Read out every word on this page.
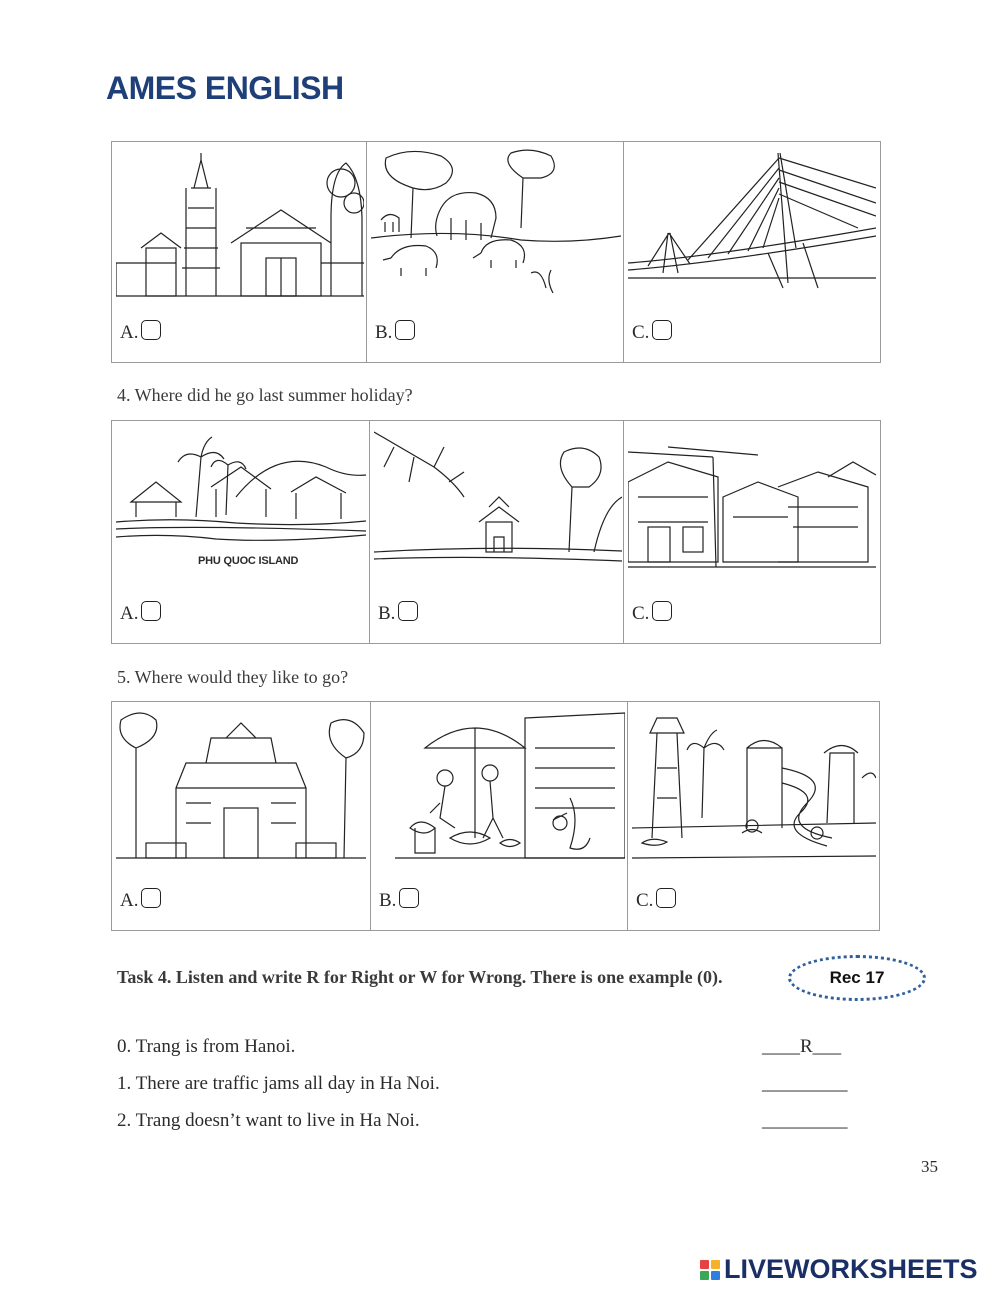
AMES ENGLISH
A.	B.	C.
4. Where did he go last summer holiday?
PHU QUOC ISLAND
A.	B.	C.
5. Where would they like to go?
A.	B.	C.
Task 4. Listen and write R for Right or W for Wrong. There is one example (0).	Rec 17
0. Trang is from Hanoi.	____R___
1. There are traffic jams all day in Ha Noi.	_________
2. Trang doesn’t want to live in Ha Noi.	_________
35
LIVEWORKSHEETS
